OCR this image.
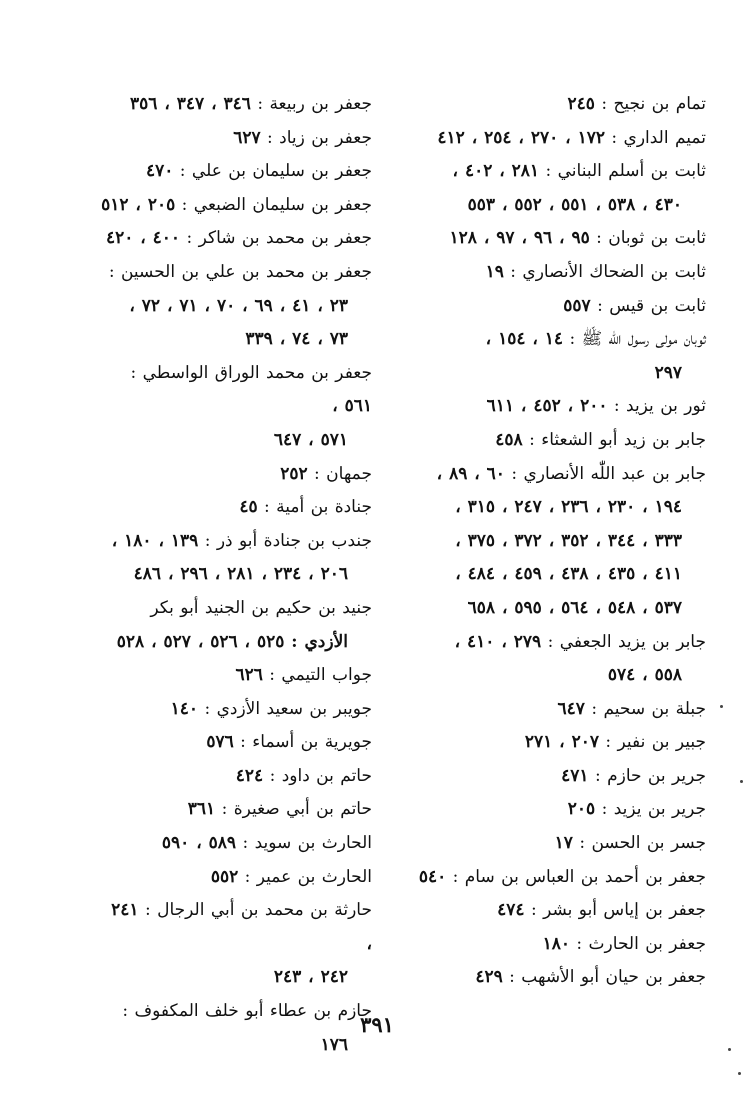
تمام بن نجيح : ٢٤٥

تميم الداري : ١٧٢ ، ٢٧٠ ، ٢٥٤ ، ٤١٢

ثابت بن أسلم البناني : ٢٨١ ، ٤٠٢ ،
٤٣٠ ، ٥٣٨ ، ٥٥١ ، ٥٥٢ ، ٥٥٣

ثابت بن ثوبان : ٩٥ ، ٩٦ ، ٩٧ ، ١٢٨

ثابت بن الضحاك الأنصاري : ١٩

ثابت بن قيس : ٥٥٧

ثوبان مولى رسول اللّٰه ﷺ : ١٤ ، ١٥٤ ،
٢٩٧

ثور بن يزيد : ٢٠٠ ، ٤٥٢ ، ٦١١

جابر بن زيد أبو الشعثاء : ٤٥٨

جابر بن عبد اللّٰه الأنصاري : ٦٠ ، ٨٩ ،
١٩٤ ، ٢٣٠ ، ٢٣٦ ، ٢٤٧ ، ٣١٥ ،
٣٣٣ ، ٣٤٤ ، ٣٥٢ ، ٣٧٢ ، ٣٧٥ ،
٤١١ ، ٤٣٥ ، ٤٣٨ ، ٤٥٩ ، ٤٨٤ ،
٥٣٧ ، ٥٤٨ ، ٥٦٤ ، ٥٩٥ ، ٦٥٨

جابر بن يزيد الجعفي : ٢٧٩ ، ٤١٠ ،
٥٥٨ ، ٥٧٤

جبلة بن سحيم : ٦٤٧

جبير بن نفير : ٢٠٧ ، ٢٧١

جرير بن حازم : ٤٧١

جرير بن يزيد : ٢٠٥

جسر بن الحسن : ١٧

جعفر بن أحمد بن العباس بن سام : ٥٤٠

جعفر بن إياس أبو بشر : ٤٧٤

جعفر بن الحارث : ١٨٠

جعفر بن حيان أبو الأشهب : ٤٢٩

جعفر بن ربيعة : ٣٤٦ ، ٣٤٧ ، ٣٥٦

جعفر بن زياد : ٦٢٧

جعفر بن سليمان بن علي : ٤٧٠

جعفر بن سليمان الضبعي : ٢٠٥ ، ٥١٢

جعفر بن محمد بن شاكر : ٤٠٠ ، ٤٢٠

جعفر بن محمد بن علي بن الحسين :
٢٣ ، ٤١ ، ٦٩ ، ٧٠ ، ٧١ ، ٧٢ ،
٧٣ ، ٧٤ ، ٣٣٩

جعفر بن محمد الوراق الواسطي : ٥٦١ ،
٥٧١ ، ٦٤٧

جمهان : ٢٥٢

جنادة بن أمية : ٤٥

جندب بن جنادة أبو ذر : ١٣٩ ، ١٨٠ ،
٢٠٦ ، ٢٣٤ ، ٢٨١ ، ٢٩٦ ، ٤٨٦

جنيد بن حكيم بن الجنيد أبو بكر
الأزدي : ٥٢٥ ، ٥٢٦ ، ٥٢٧ ، ٥٢٨

جواب التيمي : ٦٢٦

جويبر بن سعيد الأزدي : ١٤٠

جويرية بن أسماء : ٥٧٦

حاتم بن داود : ٤٢٤

حاتم بن أبي صغيرة : ٣٦١

الحارث بن سويد : ٥٨٩ ، ٥٩٠

الحارث بن عمير : ٥٥٢

حارثة بن محمد بن أبي الرجال : ٢٤١ ،
٢٤٢ ، ٢٤٣

حازم بن عطاء أبو خلف المكفوف :
١٧٦

٣٩١
